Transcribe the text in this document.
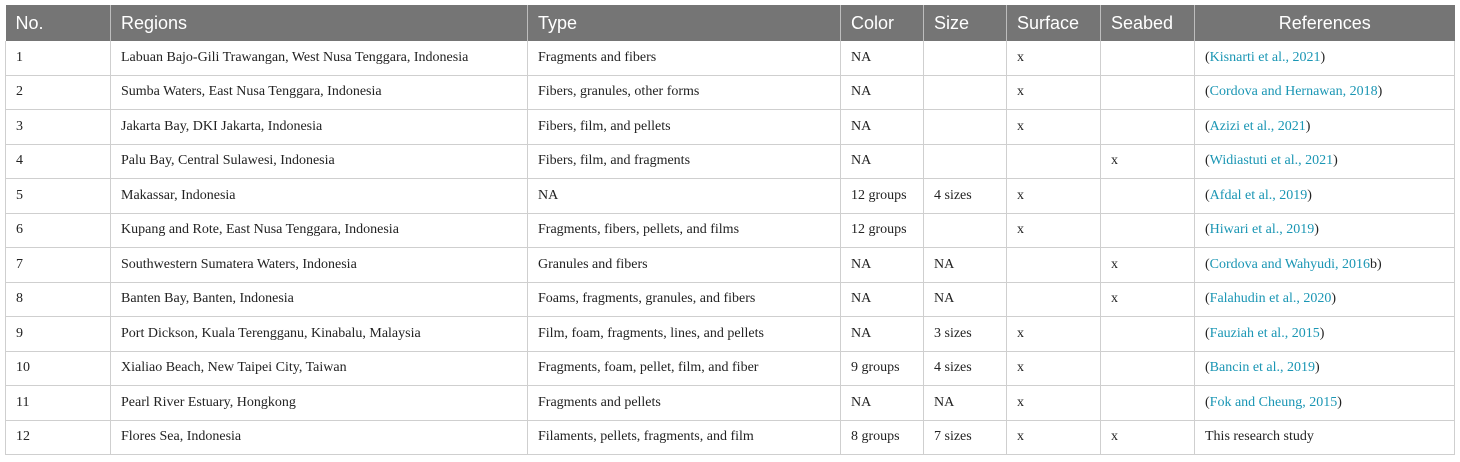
No.	Regions	Type	Color	Size	Surface	Seabed	References
1	Labuan Bajo-Gili Trawangan, West Nusa Tenggara, Indonesia	Fragments and fibers	NA		x		(Kisnarti et al., 2021)
2	Sumba Waters, East Nusa Tenggara, Indonesia	Fibers, granules, other forms	NA		x		(Cordova and Hernawan, 2018)
3	Jakarta Bay, DKI Jakarta, Indonesia	Fibers, film, and pellets	NA		x		(Azizi et al., 2021)
4	Palu Bay, Central Sulawesi, Indonesia	Fibers, film, and fragments	NA			x	(Widiastuti et al., 2021)
5	Makassar, Indonesia	NA	12 groups	4 sizes	x		(Afdal et al., 2019)
6	Kupang and Rote, East Nusa Tenggara, Indonesia	Fragments, fibers, pellets, and films	12 groups		x		(Hiwari et al., 2019)
7	Southwestern Sumatera Waters, Indonesia	Granules and fibers	NA	NA		x	(Cordova and Wahyudi, 2016b)
8	Banten Bay, Banten, Indonesia	Foams, fragments, granules, and fibers	NA	NA		x	(Falahudin et al., 2020)
9	Port Dickson, Kuala Terengganu, Kinabalu, Malaysia	Film, foam, fragments, lines, and pellets	NA	3 sizes	x		(Fauziah et al., 2015)
10	Xialiao Beach, New Taipei City, Taiwan	Fragments, foam, pellet, film, and fiber	9 groups	4 sizes	x		(Bancin et al., 2019)
11	Pearl River Estuary, Hongkong	Fragments and pellets	NA	NA	x		(Fok and Cheung, 2015)
12	Flores Sea, Indonesia	Filaments, pellets, fragments, and film	8 groups	7 sizes	x	x	This research study
